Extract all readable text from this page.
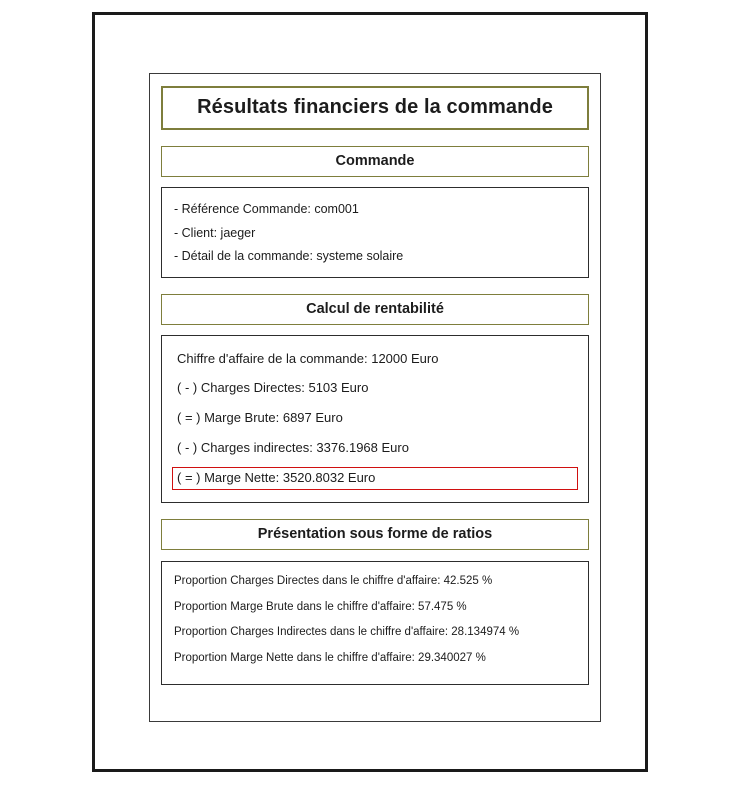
Résultats financiers de la commande
Commande
- Référence Commande: com001
- Client: jaeger
- Détail de la commande: systeme solaire
Calcul de rentabilité
Chiffre d'affaire de la commande: 12000 Euro
( - ) Charges Directes: 5103 Euro
( = ) Marge Brute: 6897 Euro
( - ) Charges indirectes: 3376.1968 Euro
( = ) Marge Nette: 3520.8032 Euro
Présentation sous forme de ratios
Proportion Charges Directes dans le chiffre d'affaire: 42.525 %
Proportion Marge Brute dans le chiffre d'affaire: 57.475 %
Proportion Charges Indirectes dans le chiffre d'affaire: 28.134974 %
Proportion Marge Nette dans le chiffre d'affaire: 29.340027 %
